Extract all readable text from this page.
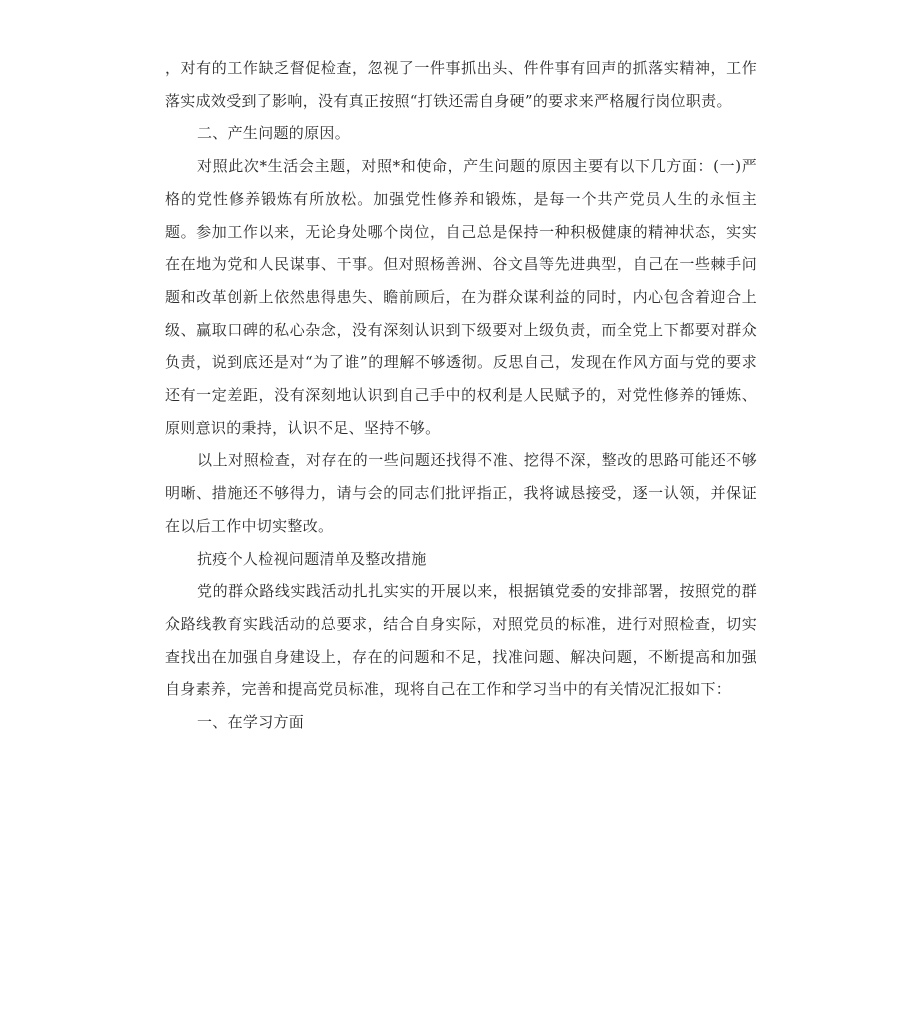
，对有的工作缺乏督促检查，忽视了一件事抓出头、件件事有回声的抓落实精神，工作落实成效受到了影响，没有真正按照“打铁还需自身硬”的要求来严格履行岗位职责。

二、产生问题的原因。

对照此次*生活会主题，对照*和使命，产生问题的原因主要有以下几方面：(一)严格的党性修养锻炼有所放松。加强党性修养和锻炼，是每一个共产党员人生的永恒主题。参加工作以来，无论身处哪个岗位，自己总是保持一种积极健康的精神状态，实实在在地为党和人民谋事、干事。但对照杨善洲、谷文昌等先进典型，自己在一些棘手问题和改革创新上依然患得患失、瞻前顾后，在为群众谋利益的同时，内心包含着迎合上级、赢取口碑的私心杂念，没有深刻认识到下级要对上级负责，而全党上下都要对群众负责，说到底还是对“为了谁”的理解不够透彻。反思自己，发现在作风方面与党的要求还有一定差距，没有深刻地认识到自己手中的权利是人民赋予的，对党性修养的锤炼、原则意识的秉持，认识不足、坚持不够。

以上对照检查，对存在的一些问题还找得不准、挖得不深，整改的思路可能还不够明晰、措施还不够得力，请与会的同志们批评指正，我将诚恳接受，逐一认领，并保证在以后工作中切实整改。

抗疫个人检视问题清单及整改措施

党的群众路线实践活动扎扎实实的开展以来，根据镇党委的安排部署，按照党的群众路线教育实践活动的总要求，结合自身实际，对照党员的标准，进行对照检查，切实查找出在加强自身建设上，存在的问题和不足，找准问题、解决问题，不断提高和加强自身素养，完善和提高党员标准，现将自己在工作和学习当中的有关情况汇报如下：

一、在学习方面
